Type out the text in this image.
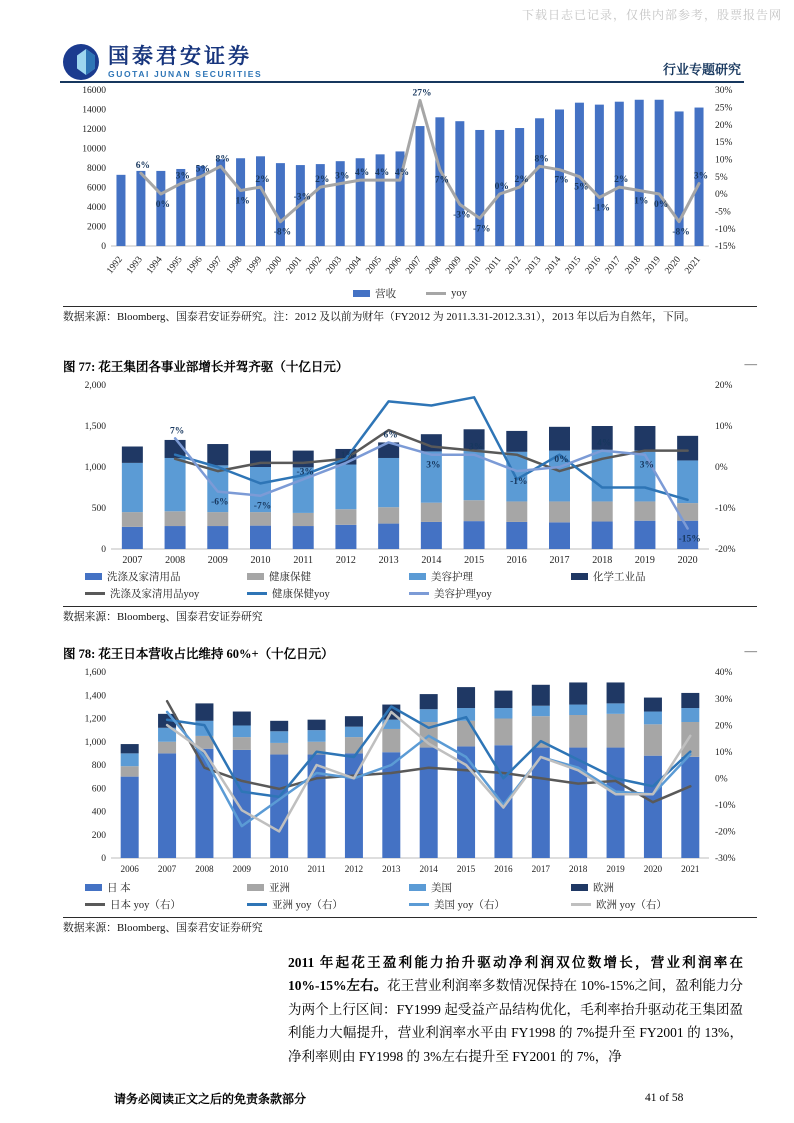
下载日志已记录，仅供内部参考，股票报告网
国泰君安证券
GUOTAI JUNAN SECURITIES	行业专题研究
0
2000
4000
6000
8000
10000
12000
14000
16000
-15%
-10%
-5%
0%
5%
10%
15%
20%
25%
30%
6%
0%
3%
5%
8%
1%
2%
-8%
-3%
2% 3% 4% 4% 4%
27%
7%
-3%
-7%
0%
2%
8%
7%
5%
-1%
2%
1% 0%
-8%
3%
1992 1993 1994 1995 1996 1997 1998 1999 2000 2001 2002 2003 2004 2005 2006 2007 2008 2009 2010 2011 2012 2013 2014 2015 2016 2017 2018 2019 2020 2021
营收	yoy
数据来源：Bloomberg、国泰君安证券研究。注：2012 及以前为财年（FY2012 为 2011.3.31-2012.3.31），2013 年以后为自然年，下同。
图 77: 花王集团各事业部增长并驾齐驱（十亿日元）	—
0
500
1,000
1,500
2,000
-20%
-10%
0%
10%
20%
7%
-6%	-7%
-3%
1%
6%
3%
3%
-1%
0%
4%
3%
-15%
2007 2008 2009 2010 2011 2012 2013 2014 2015 2016 2017 2018 2019 2020
洗涤及家清用品	健康保健	美容护理	化学工业品
洗涤及家清用品yoy	健康保健yoy	美容护理yoy
数据来源：Bloomberg、国泰君安证券研究
图 78: 花王日本营收占比维持 60%+（十亿日元）	—
0
200
400
600
800
1,000
1,200
1,400
1,600
-30%
-20%
-10%
0%
10%
20%
30%
40%
2006 2007 2008 2009 2010 2011 2012 2013 2014 2015 2016 2017 2018 2019 2020 2021
日 本	亚洲	美国	欧洲
日本 yoy（右）	亚洲 yoy（右）	美国 yoy（右）	欧洲 yoy（右）
数据来源：Bloomberg、国泰君安证券研究

2011 年起花王盈利能力抬升驱动净利润双位数增长，营业利润率在 10%-15%左右。花王营业利润率多数情况保持在 10%-15%之间，盈利能力分为两个上行区间：FY1999 起受益产品结构优化，毛利率抬升驱动花王集团盈利能力大幅提升，营业利润率水平由 FY1998 的 7%提升至 FY2001 的 13%，净利率则由 FY1998 的 3%左右提升至 FY2001 的 7%，净

请务必阅读正文之后的免责条款部分	41 of 58
